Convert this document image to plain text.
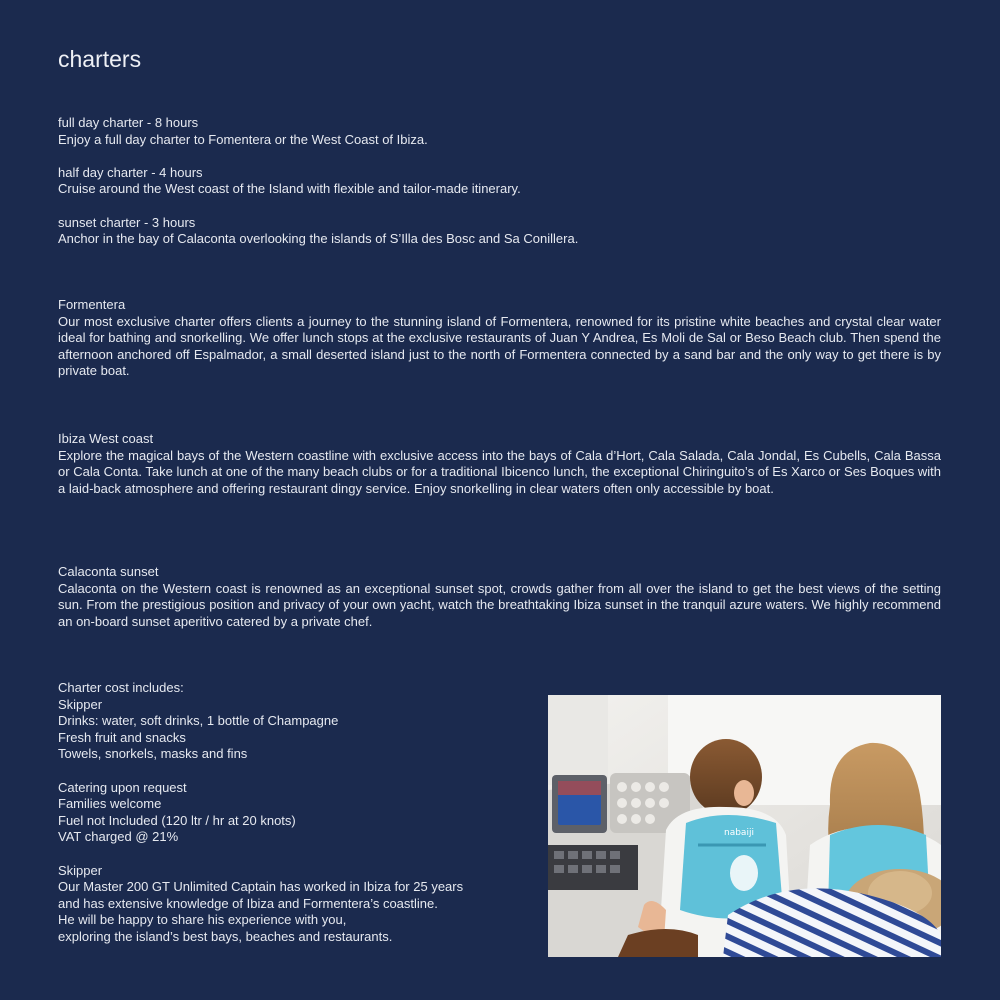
charters

full day charter - 8 hours

Enjoy a full day charter to Fomentera or the West Coast of Ibiza.

half day charter - 4 hours

Cruise around the West coast of the Island with flexible and tailor-made itinerary.

sunset charter - 3 hours

Anchor in the bay of Calaconta overlooking the islands of S’Illa des Bosc and Sa Conillera.

Formentera

Our most exclusive charter offers clients a journey to the stunning island of Formentera, renowned for its pristine white beaches and crystal clear water ideal for bathing and snorkelling. We offer lunch stops at the exclusive restaurants of Juan Y Andrea, Es Moli de Sal or Beso Beach club. Then spend the afternoon anchored off Espalmador, a small deserted island just to the north of Formentera connected by a sand bar and the only way to get there is by private boat.

Ibiza West coast

Explore the magical bays of the Western coastline with exclusive access into the bays of Cala d’Hort, Cala Salada, Cala Jondal, Es Cubells, Cala Bassa or Cala Conta. Take lunch at one of the many beach clubs or for a traditional Ibicenco lunch, the exceptional Chiringuito’s of Es Xarco or Ses Boques with a laid-back atmosphere and offering restaurant dingy service. Enjoy snorkelling in clear waters often only accessible by boat.

Calaconta sunset

Calaconta on the Western coast is renowned as an exceptional sunset spot, crowds gather from all over the island to get the best views of the setting sun. From the prestigious position and privacy of your own yacht, watch the breathtaking Ibiza sunset in the tranquil azure waters. We highly recommend an on-board sunset aperitivo catered by a private chef.

Charter cost includes:

Skipper

Drinks: water, soft drinks, 1 bottle of Champagne

Fresh fruit and snacks

Towels, snorkels, masks and fins

Catering upon request

Families welcome

Fuel not Included (120 ltr / hr at 20 knots)

VAT charged @ 21%

Skipper

Our Master 200 GT Unlimited Captain has worked in Ibiza for 25 years

and has extensive knowledge of Ibiza and Formentera’s coastline.

He will be happy to share his experience with you,

exploring the island’s best bays, beaches and restaurants.

nabaiji
